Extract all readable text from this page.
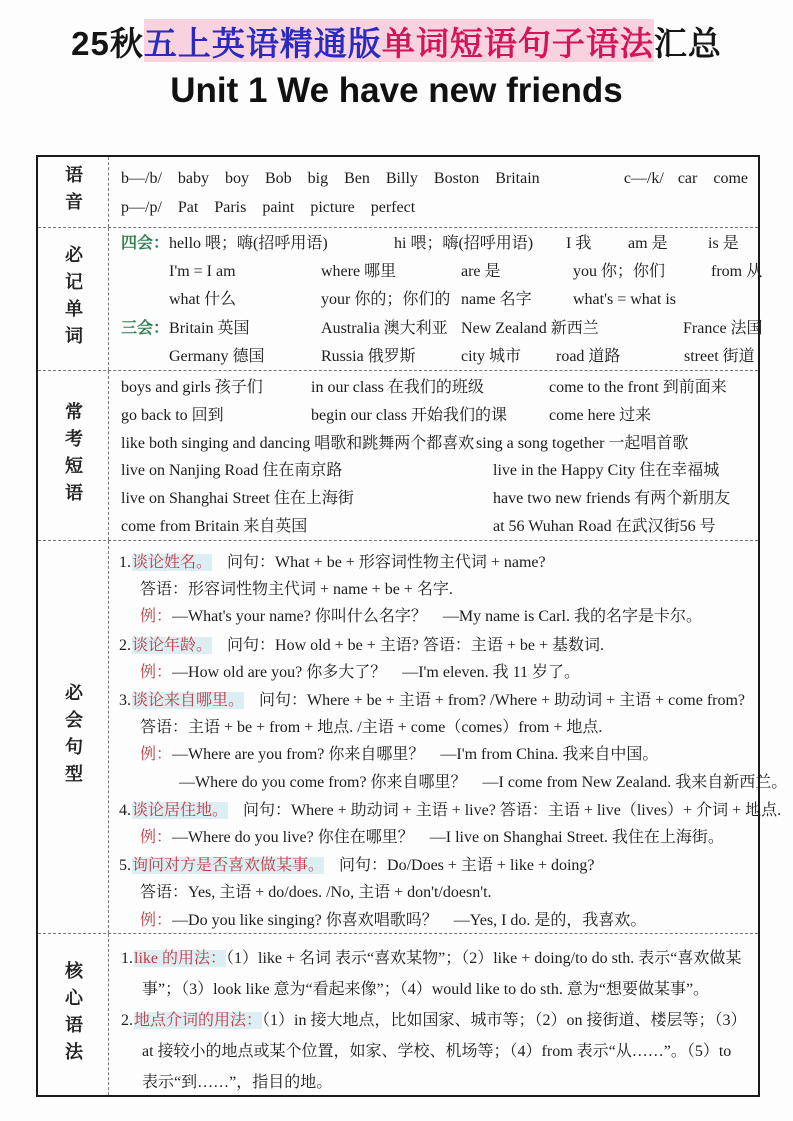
25秋五上英语精通版单词短语句子语法汇总
Unit 1 We have new friends
语音 b—/b/ baby boy Bob big Ben Billy Boston Britain	c—/k/ car come
p—/p/ Pat Paris paint picture perfect
必记单词
四会： hello 喂；嗨(招呼用语)	hi 喂；嗨(招呼用语)	I 我	am 是	is 是
I'm = I am	where 哪里	are 是	you 你；你们	from 从
what 什么	your 你的；你们的 name 名字	what's = what is
三会： Britain 英国	Australia 澳大利亚 New Zealand 新西兰	France 法国
Germany 德国	Russia 俄罗斯	city 城市	road 道路	street 街道
常考短语
boys and girls 孩子们	in our class 在我们的班级	come to the front 到前面来
go back to 回到	begin our class 开始我们的课	come here 过来
like both singing and dancing 唱歌和跳舞两个都喜欢 sing a song together 一起唱首歌
live on Nanjing Road 住在南京路	live in the Happy City 住在幸福城
live on Shanghai Street 住在上海街	have two new friends 有两个新朋友
come from Britain 来自英国	at 56 Wuhan Road 在武汉街56 号
必会句型
1.谈论姓名。 问句：What + be + 形容词性物主代词 + name?
答语：形容词性物主代词 + name + be + 名字.
例：—What's your name? 你叫什么名字？　—My name is Carl. 我的名字是卡尔。
2.谈论年龄。 问句：How old + be + 主语? 答语：主语 + be + 基数词.
例：—How old are you? 你多大了？　—I'm eleven. 我 11 岁了。
3.谈论来自哪里。 问句：Where + be + 主语 + from? /Where + 助动词 + 主语 + come from?
答语：主语 + be + from + 地点. /主语 + come（comes）from + 地点.
例：—Where are you from? 你来自哪里？　—I'm from China. 我来自中国。
—Where do you come from? 你来自哪里？　—I come from New Zealand. 我来自新西兰。
4.谈论居住地。 问句：Where + 助动词 + 主语 + live? 答语：主语 + live（lives）+ 介词 + 地点.
例：—Where do you live? 你住在哪里？　—I live on Shanghai Street. 我住在上海街。
5.询问对方是否喜欢做某事。 问句：Do/Does + 主语 + like + doing?
答语：Yes, 主语 + do/does. /No, 主语 + don't/doesn't.
例：—Do you like singing? 你喜欢唱歌吗？　—Yes, I do. 是的，我喜欢。
核心语法
1.like 的用法：（1）like + 名词 表示“喜欢某物”；（2）like + doing/to do sth. 表示“喜欢做某事”；（3）look like 意为“看起来像”；（4）would like to do sth. 意为“想要做某事”。
2.地点介词的用法：（1）in 接大地点，比如国家、城市等；（2）on 接街道、楼层等；（3）at 接较小的地点或某个位置，如家、学校、机场等；（4）from 表示“从……”。（5）to 表示“到……”，指目的地。
